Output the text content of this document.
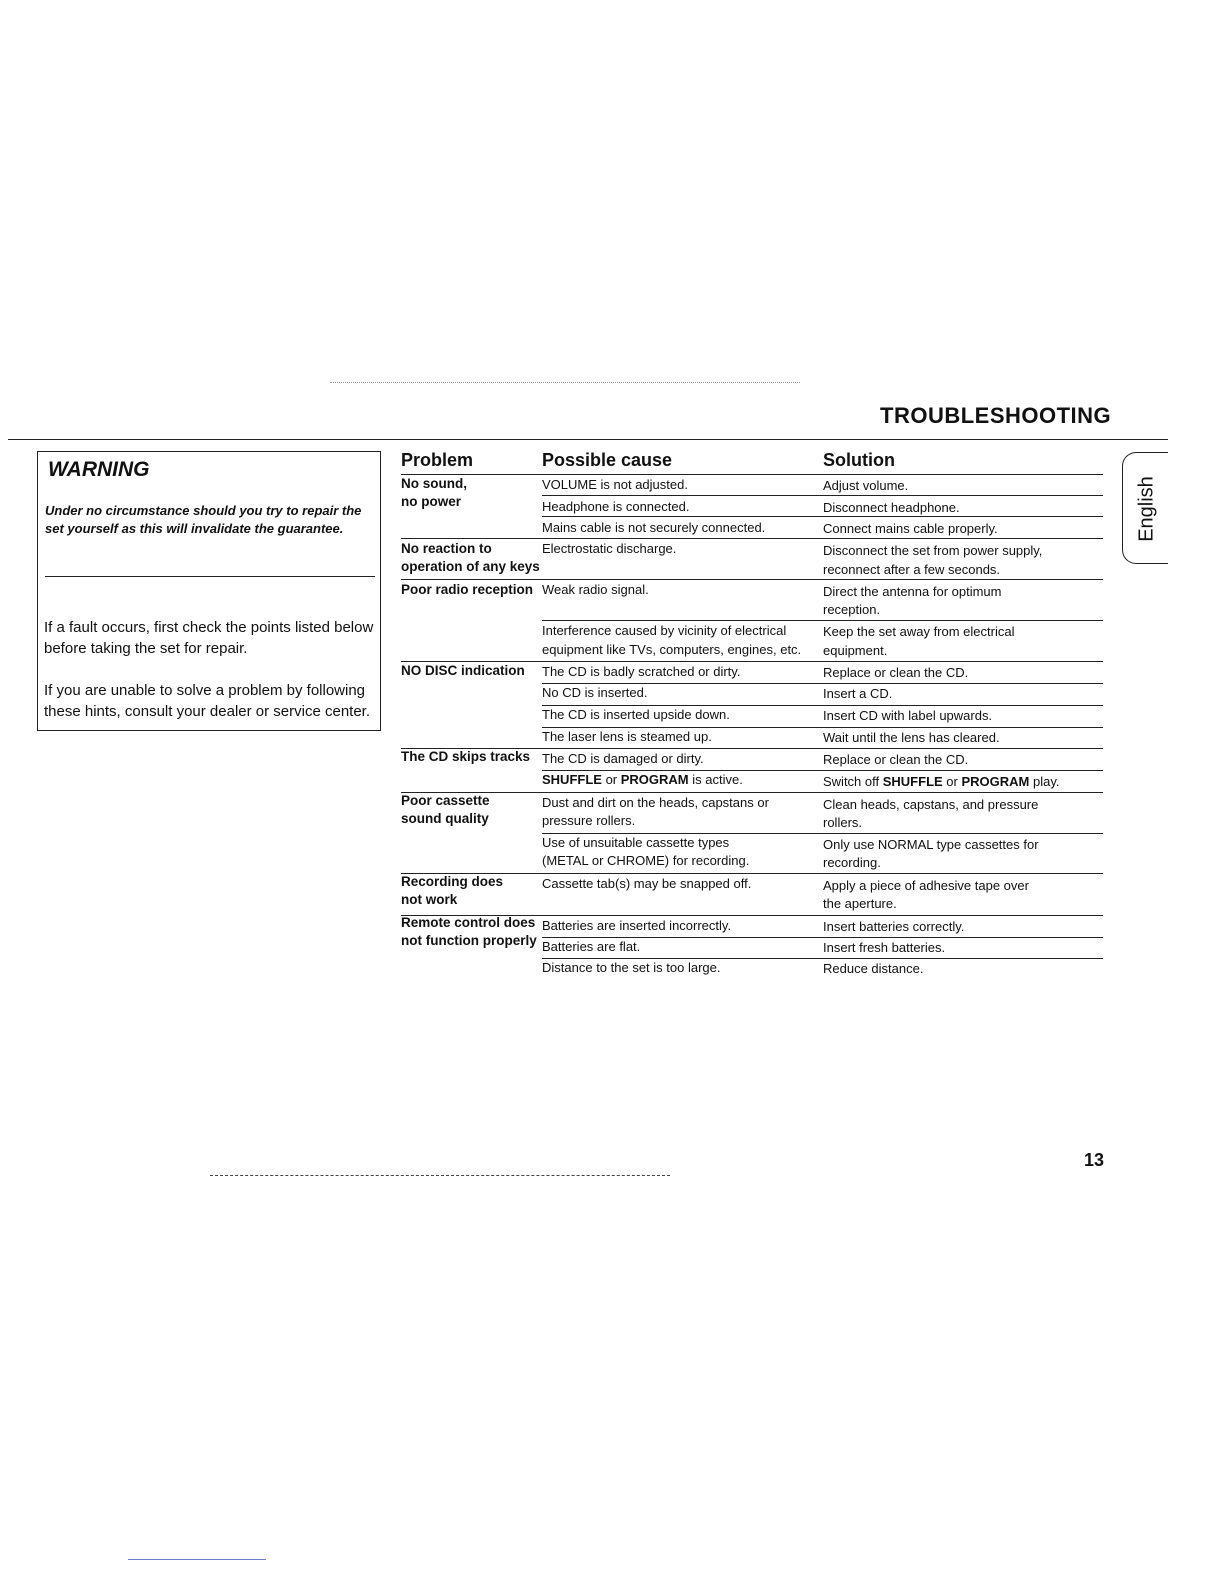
TROUBLESHOOTING
WARNING
Under no circumstance should you try to repair the set yourself as this will invalidate the guarantee.
If a fault occurs, first check the points listed below before taking the set for repair.
If you are unable to solve a problem by following these hints, consult your dealer or service center.
English
Problem	Possible cause	Solution
No sound,
no power
No reaction to
operation of any keys
Poor radio reception
NO DISC indication
The CD skips tracks
Poor cassette
sound quality
Recording does
not work
Remote control does
not function properly
VOLUME is not adjusted.
Headphone is connected.
Mains cable is not securely connected.
Electrostatic discharge.
Weak radio signal.
Interference caused by vicinity of electrical
equipment like TVs, computers, engines, etc.
The CD is badly scratched or dirty.
No CD is inserted.
The CD is inserted upside down.
The laser lens is steamed up.
The CD is damaged or dirty.
SHUFFLE or PROGRAM is active.
Dust and dirt on the heads, capstans or
pressure rollers.
Use of unsuitable cassette types
(METAL or CHROME) for recording.
Cassette tab(s) may be snapped off.
Batteries are inserted incorrectly.
Batteries are flat.
Distance to the set is too large.
Adjust volume.
Disconnect headphone.
Connect mains cable properly.
Disconnect the set from power supply,
reconnect after a few seconds.
Direct the antenna for optimum
reception.
Keep the set away from electrical
equipment.
Replace or clean the CD.
Insert a CD.
Insert CD with label upwards.
Wait until the lens has cleared.
Replace or clean the CD.
Switch off SHUFFLE or PROGRAM play.
Clean heads, capstans, and pressure
rollers.
Only use NORMAL type cassettes for
recording.
Apply a piece of adhesive tape over
the aperture.
Insert batteries correctly.
Insert fresh batteries.
Reduce distance.
13
